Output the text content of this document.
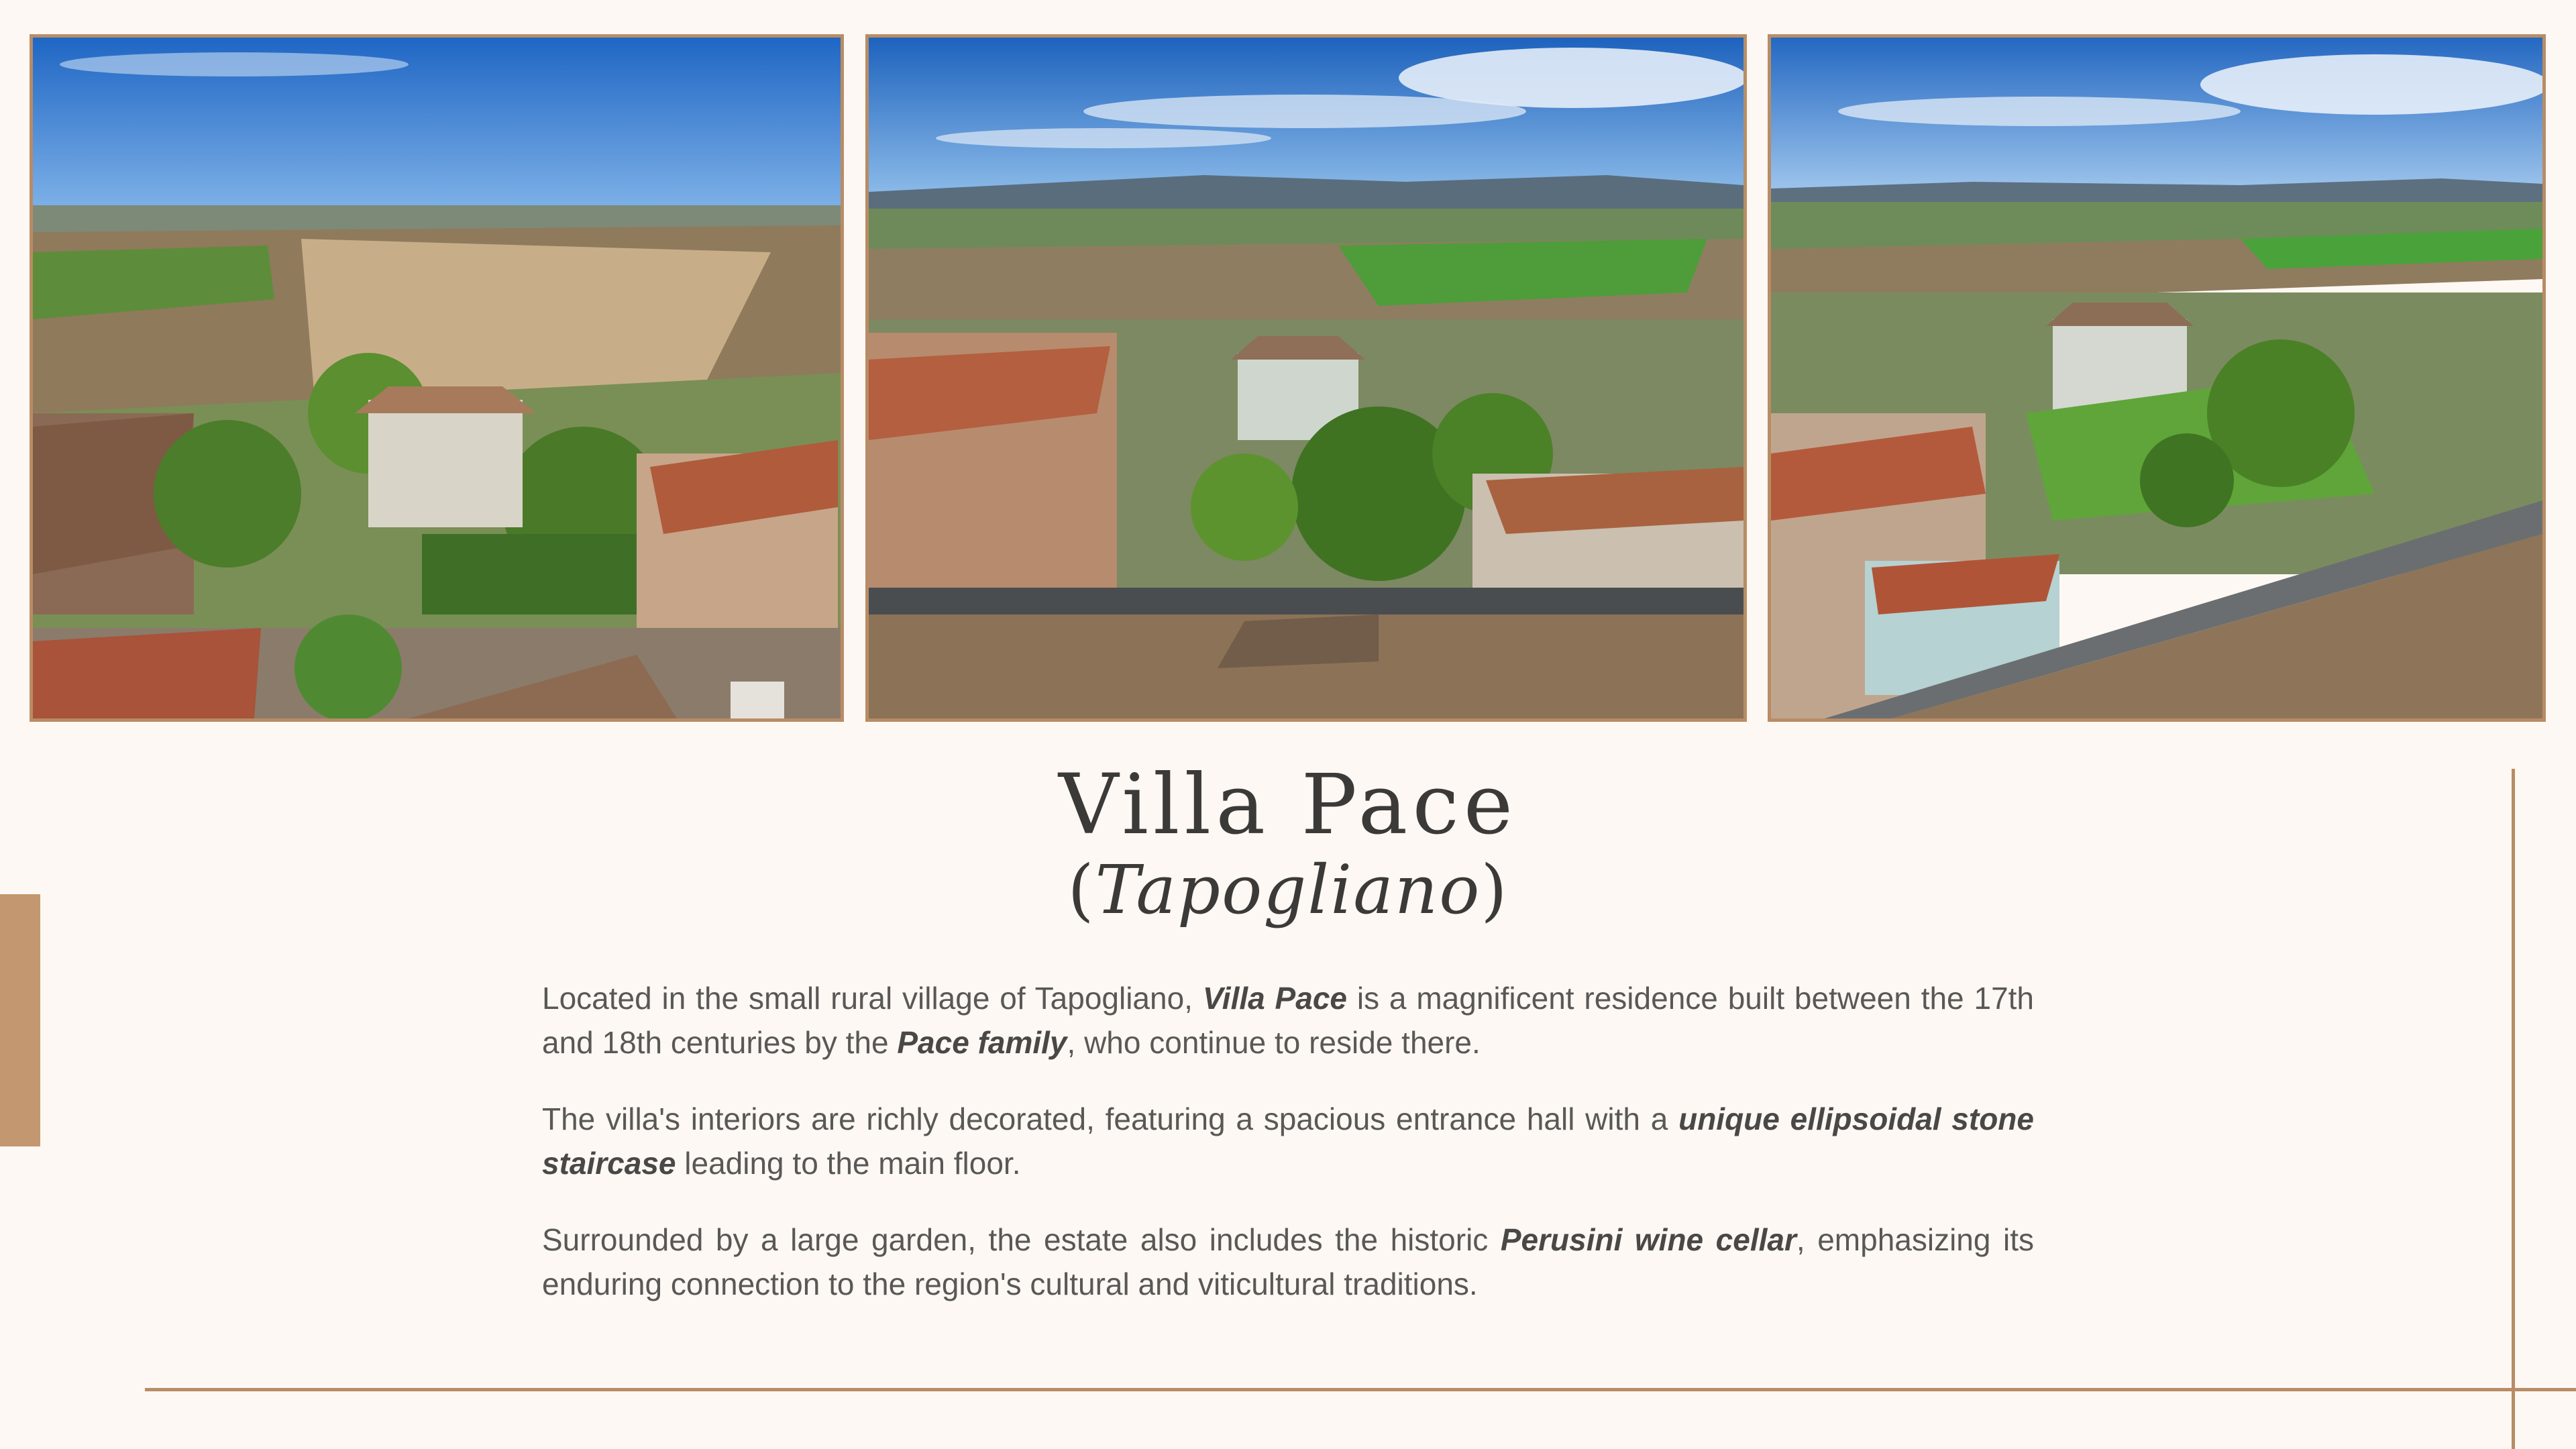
Villa Pace
(Tapogliano)

Located in the small rural village of Tapogliano, Villa Pace is a magnificent residence built between the 17th and 18th centuries by the Pace family, who continue to reside there.

The villa's interiors are richly decorated, featuring a spacious entrance hall with a unique ellipsoidal stone staircase leading to the main floor.

Surrounded by a large garden, the estate also includes the historic Perusini wine cellar, emphasizing its enduring connection to the region's cultural and viticultural traditions.
